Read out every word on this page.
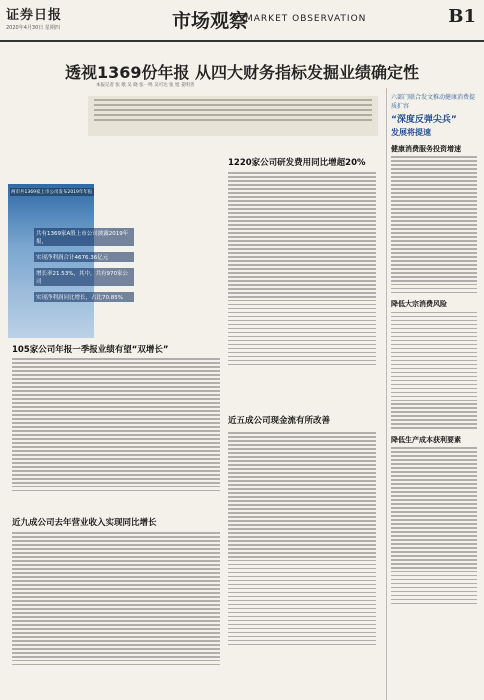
证券日报
2020年4月30日 星期四	市场观察
MARKET OBSERVATION	B1
透视1369份年报 从四大财务指标发掘业绩确定性
本报记者 张 歌 吴 晓 张一鸣 吴可达 张 旭 姜明善
两市共1369家上市公司发布2019年年报
共有1369家A股上市公司披露2019年报，
实现净利润合计4676.36亿元
增长率21.53%，其中，共有970家公司
实现净利润同比增长，占比70.85%
1220家公司研发费用同比增超20%
105家公司年报一季报业绩有望“双增长”
近九成公司去年营业收入实现同比增长
近五成公司现金流有所改善
六部门联合发文推动健康消费提质扩容
“深度反弹尖兵”
发展将提速
健康消费服务投资增速
降低大宗消费风险
降低生产成本获利要素
